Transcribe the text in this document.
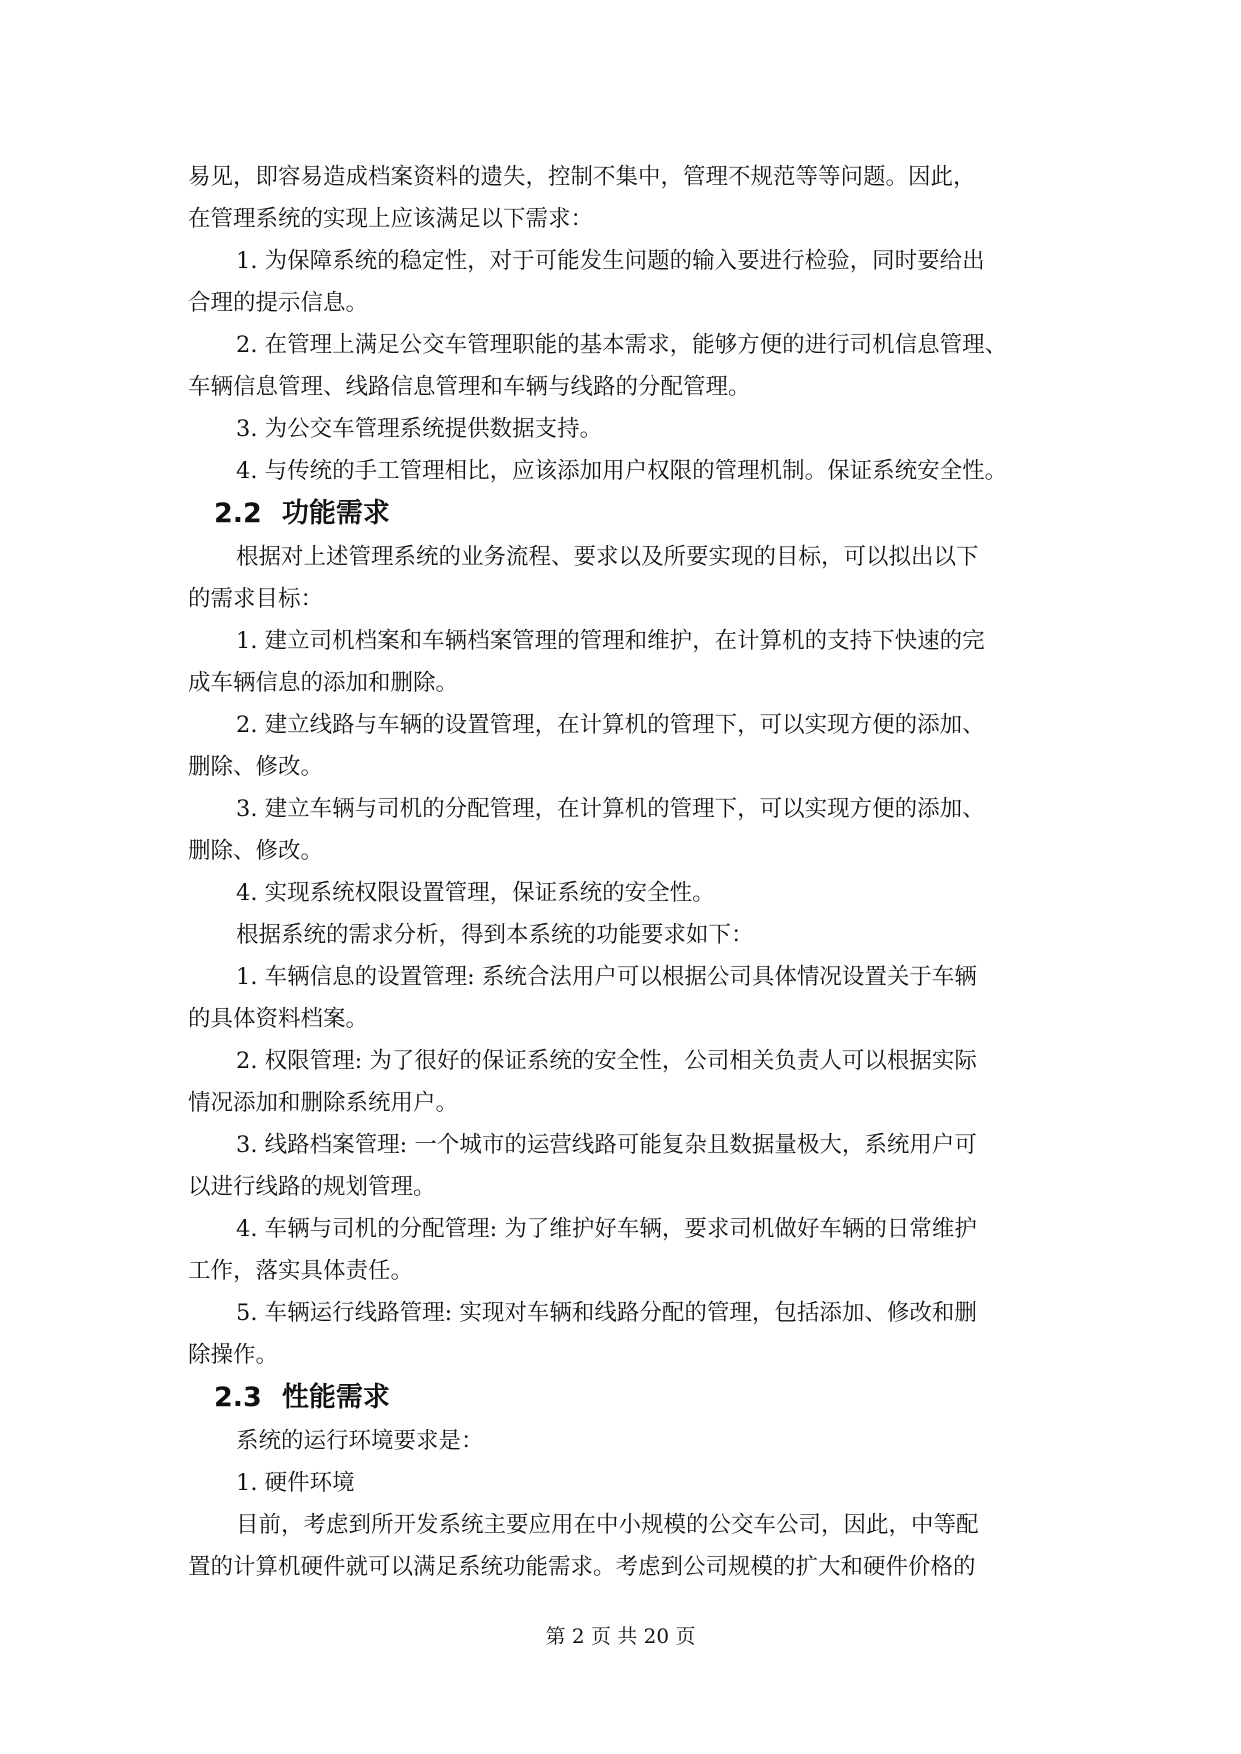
易见，即容易造成档案资料的遗失，控制不集中，管理不规范等等问题。因此，
在管理系统的实现上应该满足以下需求：
1. 为保障系统的稳定性，对于可能发生问题的输入要进行检验，同时要给出
合理的提示信息。
2. 在管理上满足公交车管理职能的基本需求，能够方便的进行司机信息管理、
车辆信息管理、线路信息管理和车辆与线路的分配管理。
3. 为公交车管理系统提供数据支持。
4. 与传统的手工管理相比，应该添加用户权限的管理机制。保证系统安全性。
2.2 功能需求
根据对上述管理系统的业务流程、要求以及所要实现的目标，可以拟出以下
的需求目标：
1. 建立司机档案和车辆档案管理的管理和维护，在计算机的支持下快速的完
成车辆信息的添加和删除。
2. 建立线路与车辆的设置管理，在计算机的管理下，可以实现方便的添加、
删除、修改。
3. 建立车辆与司机的分配管理，在计算机的管理下，可以实现方便的添加、
删除、修改。
4. 实现系统权限设置管理，保证系统的安全性。
根据系统的需求分析，得到本系统的功能要求如下：
1. 车辆信息的设置管理: 系统合法用户可以根据公司具体情况设置关于车辆
的具体资料档案。
2. 权限管理: 为了很好的保证系统的安全性，公司相关负责人可以根据实际
情况添加和删除系统用户。
3. 线路档案管理: 一个城市的运营线路可能复杂且数据量极大，系统用户可
以进行线路的规划管理。
4. 车辆与司机的分配管理: 为了维护好车辆，要求司机做好车辆的日常维护
工作，落实具体责任。
5. 车辆运行线路管理: 实现对车辆和线路分配的管理，包括添加、修改和删
除操作。
2.3 性能需求
系统的运行环境要求是：
1. 硬件环境
目前，考虑到所开发系统主要应用在中小规模的公交车公司，因此，中等配
置的计算机硬件就可以满足系统功能需求。考虑到公司规模的扩大和硬件价格的
第 2 页 共 20 页
